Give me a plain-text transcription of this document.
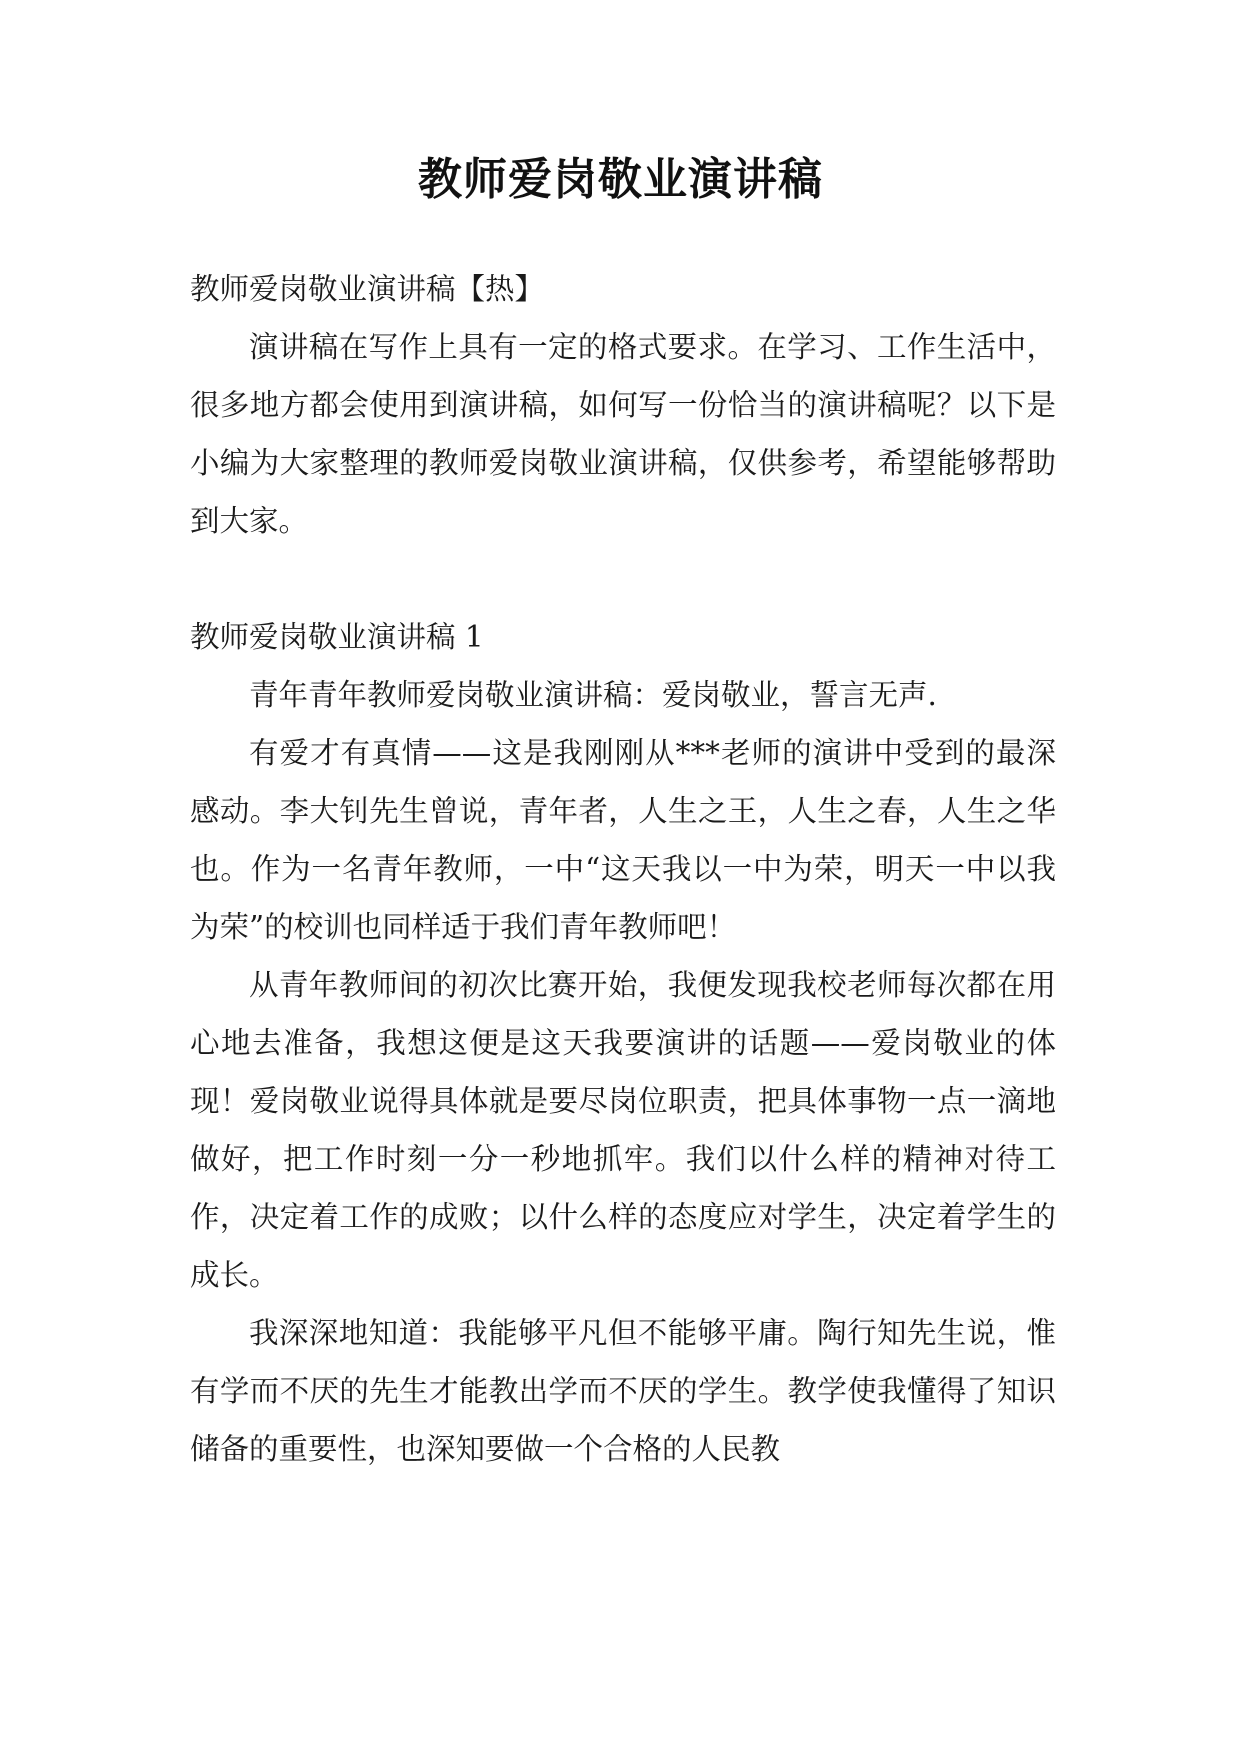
教师爱岗敬业演讲稿

教师爱岗敬业演讲稿【热】

演讲稿在写作上具有一定的格式要求。在学习、工作生活中，很多地方都会使用到演讲稿，如何写一份恰当的演讲稿呢？以下是小编为大家整理的教师爱岗敬业演讲稿，仅供参考，希望能够帮助到大家。

教师爱岗敬业演讲稿 1

青年青年教师爱岗敬业演讲稿：爱岗敬业，誓言无声.

有爱才有真情——这是我刚刚从***老师的演讲中受到的最深感动。李大钊先生曾说，青年者，人生之王，人生之春，人生之华也。作为一名青年教师，一中“这天我以一中为荣，明天一中以我为荣”的校训也同样适于我们青年教师吧！

从青年教师间的初次比赛开始，我便发现我校老师每次都在用心地去准备，我想这便是这天我要演讲的话题——爱岗敬业的体现！爱岗敬业说得具体就是要尽岗位职责，把具体事物一点一滴地做好，把工作时刻一分一秒地抓牢。我们以什么样的精神对待工作，决定着工作的成败；以什么样的态度应对学生，决定着学生的成长。

我深深地知道：我能够平凡但不能够平庸。陶行知先生说，惟有学而不厌的先生才能教出学而不厌的学生。教学使我懂得了知识储备的重要性，也深知要做一个合格的人民教
